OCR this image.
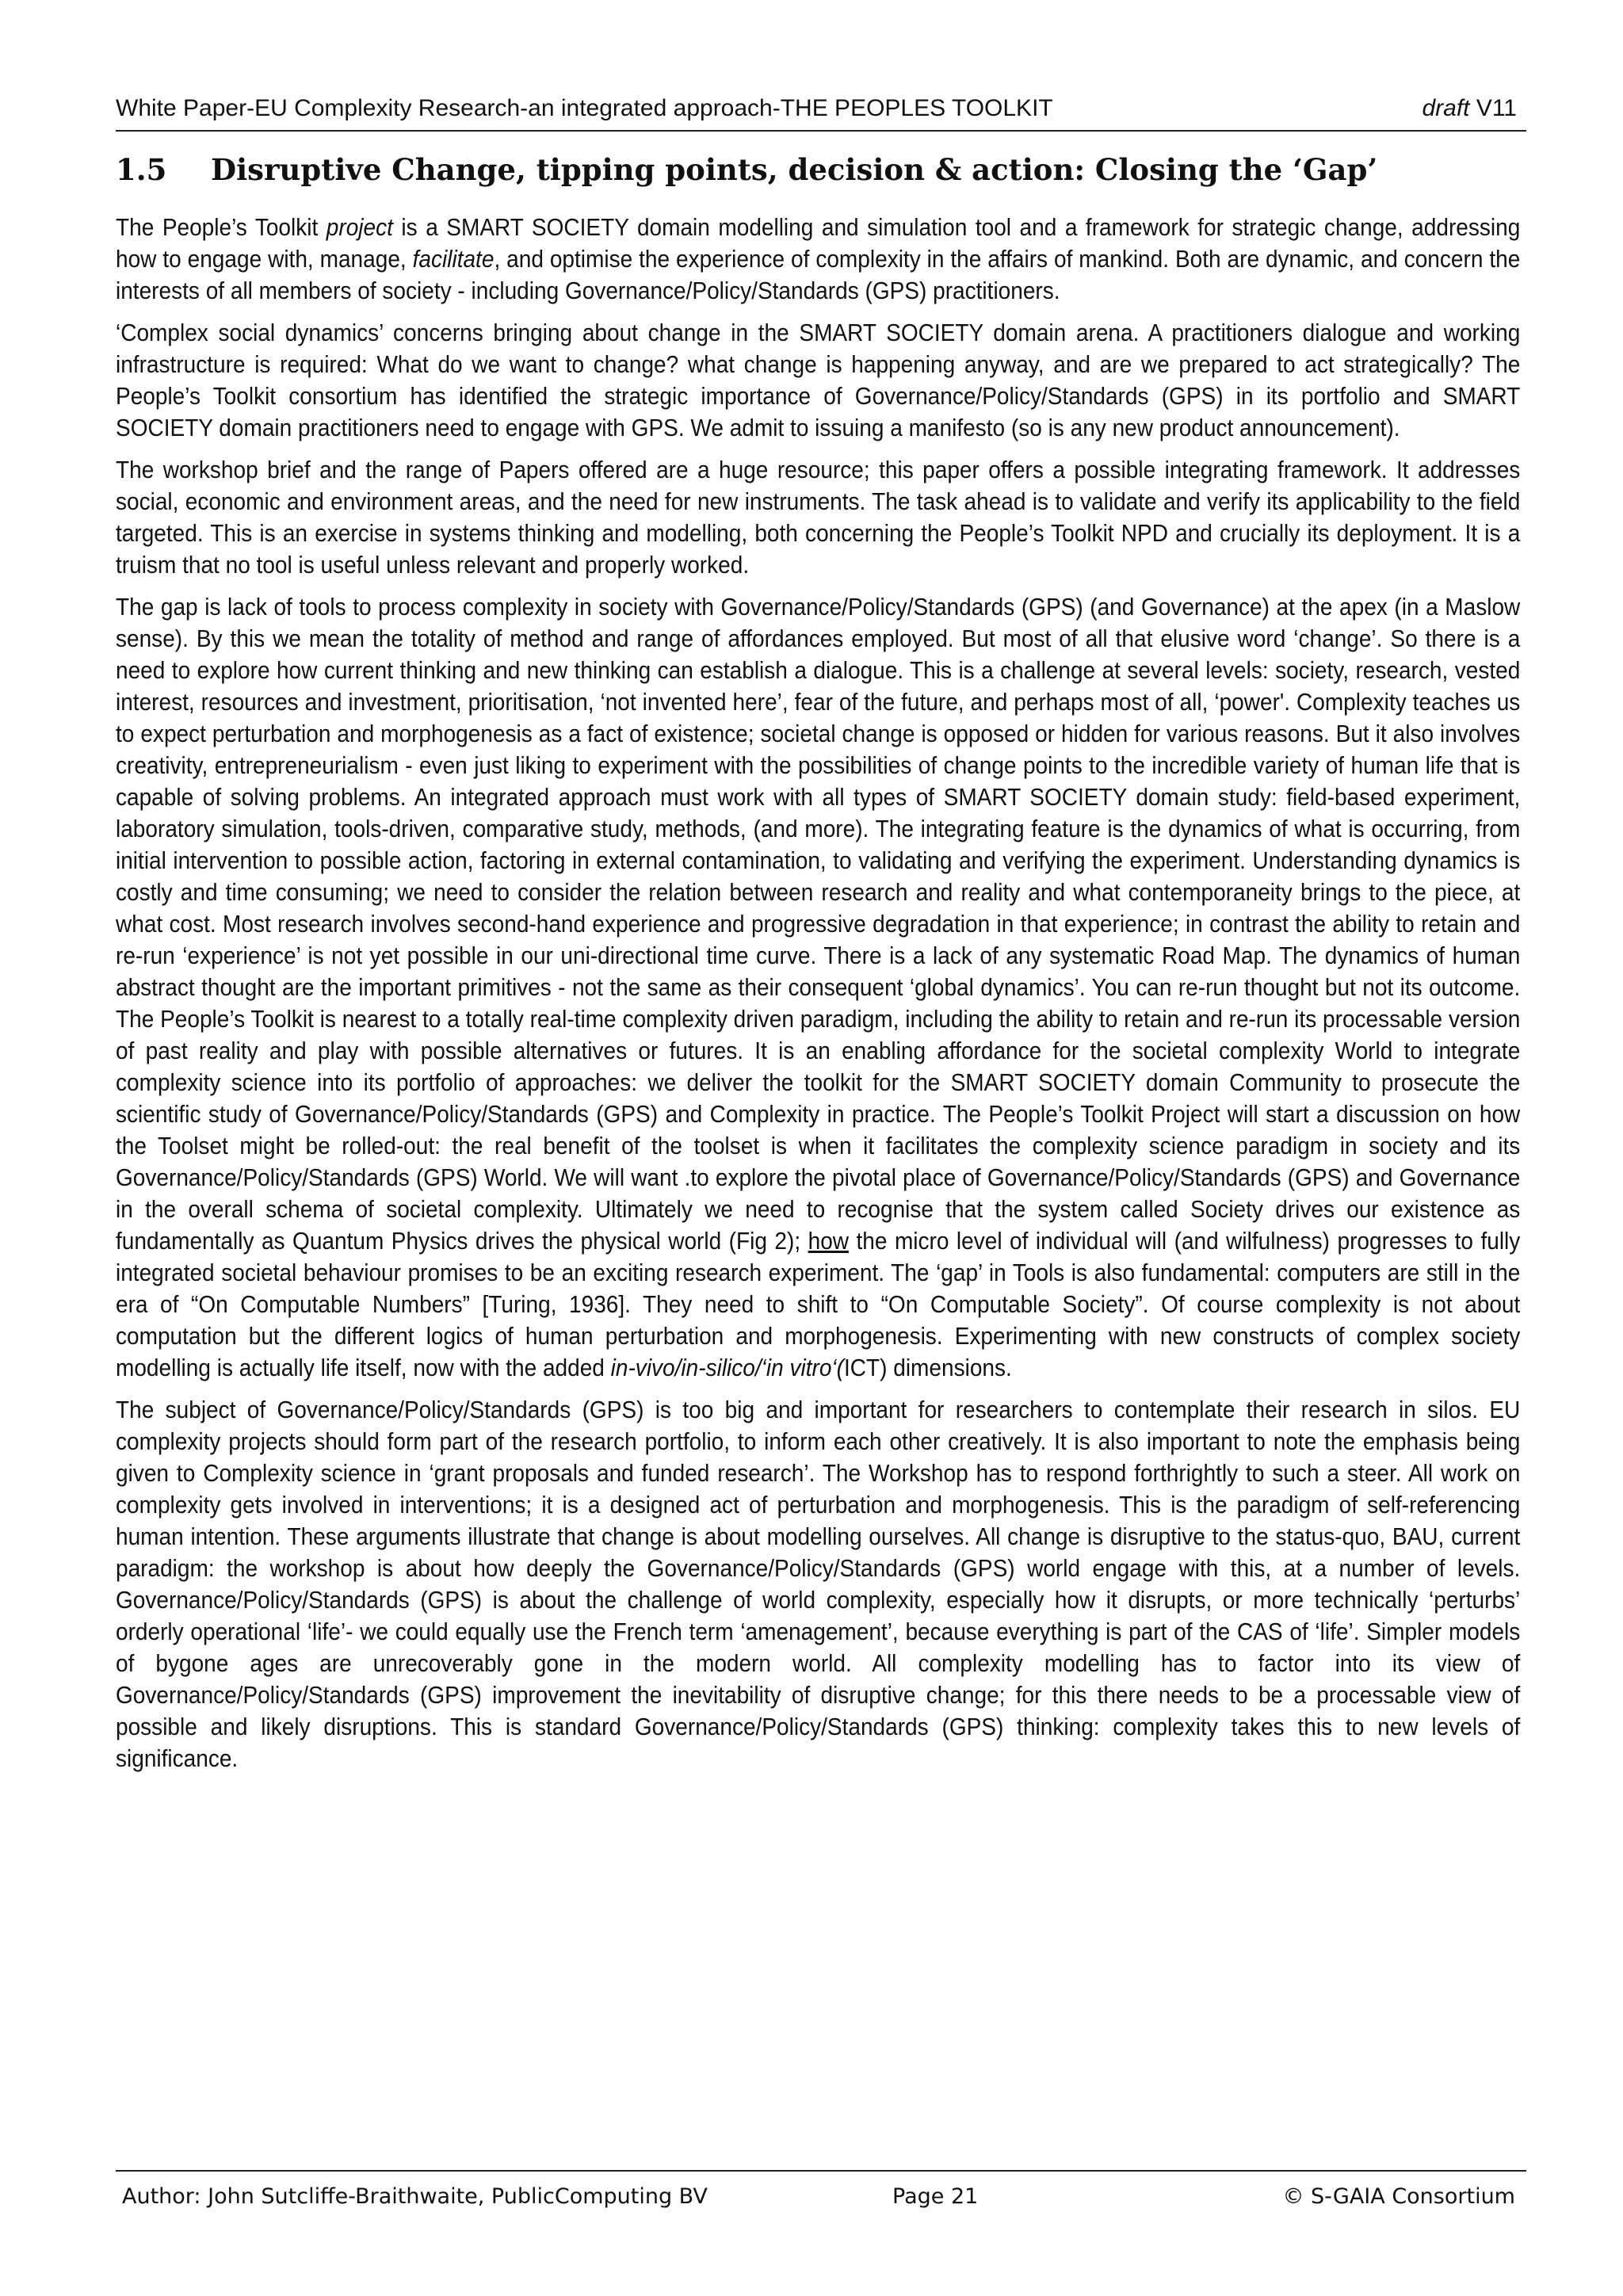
White Paper-EU Complexity Research-an integrated approach-THE PEOPLES TOOLKIT	draft V11
1.5 Disruptive Change, tipping points, decision & action: Closing the ‘Gap’

The People’s Toolkit project is a SMART SOCIETY domain modelling and simulation tool and a framework for strategic change, addressing how to engage with, manage, facilitate, and optimise the experience of complexity in the affairs of mankind. Both are dynamic, and concern the interests of all members of society - including Governance/Policy/Standards (GPS) practitioners.

‘Complex social dynamics’ concerns bringing about change in the SMART SOCIETY domain arena. A practitioners dialogue and working infrastructure is required: What do we want to change? what change is happening anyway, and are we prepared to act strategically? The People’s Toolkit consortium has identified the strategic importance of Governance/Policy/Standards (GPS) in its portfolio and SMART SOCIETY domain practitioners need to engage with GPS. We admit to issuing a manifesto (so is any new product announcement).

The workshop brief and the range of Papers offered are a huge resource; this paper offers a possible integrating framework. It addresses social, economic and environment areas, and the need for new instruments. The task ahead is to validate and verify its applicability to the field targeted. This is an exercise in systems thinking and modelling, both concerning the People’s Toolkit NPD and crucially its deployment. It is a truism that no tool is useful unless relevant and properly worked.

The gap is lack of tools to process complexity in society with Governance/Policy/Standards (GPS) (and Governance) at the apex (in a Maslow sense). By this we mean the totality of method and range of affordances employed. But most of all that elusive word ‘change’. So there is a need to explore how current thinking and new thinking can establish a dialogue. This is a challenge at several levels: society, research, vested interest, resources and investment, prioritisation, ‘not invented here’, fear of the future, and perhaps most of all, ‘power'. Complexity teaches us to expect perturbation and morphogenesis as a fact of existence; societal change is opposed or hidden for various reasons. But it also involves creativity, entrepreneurialism - even just liking to experiment with the possibilities of change points to the incredible variety of human life that is capable of solving problems. An integrated approach must work with all types of SMART SOCIETY domain study: field-based experiment, laboratory simulation, tools-driven, comparative study, methods, (and more). The integrating feature is the dynamics of what is occurring, from initial intervention to possible action, factoring in external contamination, to validating and verifying the experiment. Understanding dynamics is costly and time consuming; we need to consider the relation between research and reality and what contemporaneity brings to the piece, at what cost. Most research involves second-hand experience and progressive degradation in that experience; in contrast the ability to retain and re-run ‘experience’ is not yet possible in our uni-directional time curve. There is a lack of any systematic Road Map. The dynamics of human abstract thought are the important primitives - not the same as their consequent ‘global dynamics’. You can re-run thought but not its outcome. The People’s Toolkit is nearest to a totally real-time complexity driven paradigm, including the ability to retain and re-run its processable version of past reality and play with possible alternatives or futures. It is an enabling affordance for the societal complexity World to integrate complexity science into its portfolio of approaches: we deliver the toolkit for the SMART SOCIETY domain Community to prosecute the scientific study of Governance/Policy/Standards (GPS) and Complexity in practice. The People’s Toolkit Project will start a discussion on how the Toolset might be rolled-out: the real benefit of the toolset is when it facilitates the complexity science paradigm in society and its Governance/Policy/Standards (GPS) World. We will want .to explore the pivotal place of Governance/Policy/Standards (GPS) and Governance in the overall schema of societal complexity. Ultimately we need to recognise that the system called Society drives our existence as fundamentally as Quantum Physics drives the physical world (Fig 2); how the micro level of individual will (and wilfulness) progresses to fully integrated societal behaviour promises to be an exciting research experiment. The ‘gap’ in Tools is also fundamental: computers are still in the era of “On Computable Numbers” [Turing, 1936]. They need to shift to “On Computable Society”. Of course complexity is not about computation but the different logics of human perturbation and morphogenesis. Experimenting with new constructs of complex society modelling is actually life itself, now with the added in-vivo/in-silico/‘in vitro‘(ICT) dimensions.

The subject of Governance/Policy/Standards (GPS) is too big and important for researchers to contemplate their research in silos. EU complexity projects should form part of the research portfolio, to inform each other creatively. It is also important to note the emphasis being given to Complexity science in ‘grant proposals and funded research’. The Workshop has to respond forthrightly to such a steer. All work on complexity gets involved in interventions; it is a designed act of perturbation and morphogenesis. This is the paradigm of self-referencing human intention. These arguments illustrate that change is about modelling ourselves. All change is disruptive to the status-quo, BAU, current paradigm: the workshop is about how deeply the Governance/Policy/Standards (GPS) world engage with this, at a number of levels. Governance/Policy/Standards (GPS) is about the challenge of world complexity, especially how it disrupts, or more technically ‘perturbs’ orderly operational ‘life’- we could equally use the French term ‘amenagement’, because everything is part of the CAS of ‘life’. Simpler models of bygone ages are unrecoverably gone in the modern world. All complexity modelling has to factor into its view of Governance/Policy/Standards (GPS) improvement the inevitability of disruptive change; for this there needs to be a processable view of possible and likely disruptions. This is standard Governance/Policy/Standards (GPS) thinking: complexity takes this to new levels of significance.

Author: John Sutcliffe-Braithwaite, PublicComputing BV	Page 21	© S-GAIA Consortium
